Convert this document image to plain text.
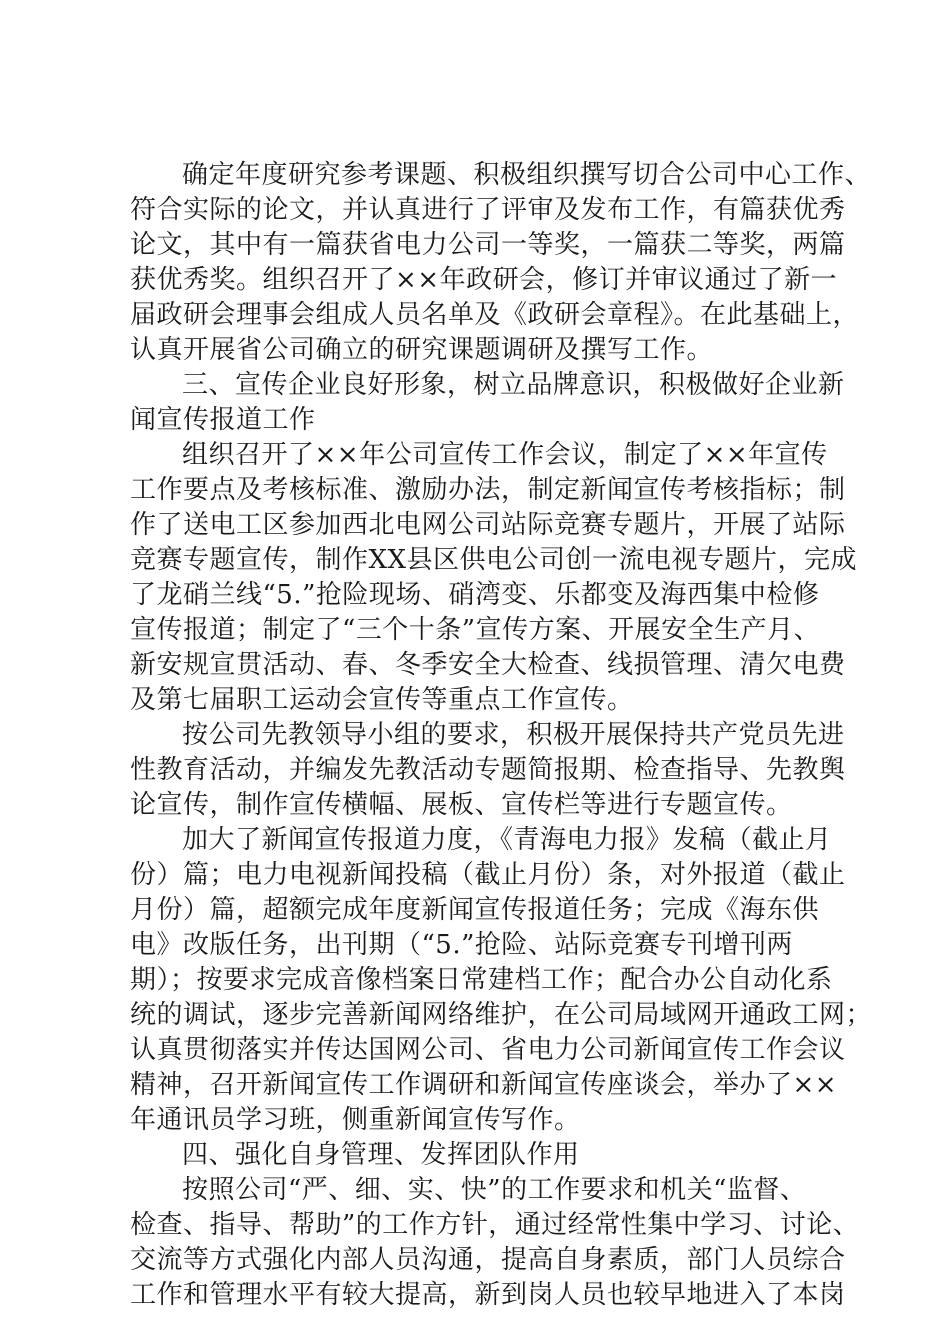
确定年度研究参考课题、积极组织撰写切合公司中心工作、
符合实际的论文，并认真进行了评审及发布工作，有篇获优秀
论文，其中有一篇获省电力公司一等奖，一篇获二等奖，两篇
获优秀奖。组织召开了××年政研会，修订并审议通过了新一
届政研会理事会组成人员名单及《政研会章程》。在此基础上，
认真开展省公司确立的研究课题调研及撰写工作。
三、宣传企业良好形象，树立品牌意识，积极做好企业新
闻宣传报道工作
组织召开了××年公司宣传工作会议，制定了××年宣传
工作要点及考核标准、激励办法，制定新闻宣传考核指标；制
作了送电工区参加西北电网公司站际竞赛专题片，开展了站际
竞赛专题宣传，制作XX县区供电公司创一流电视专题片，完成
了龙硝兰线“5.”抢险现场、硝湾变、乐都变及海西集中检修
宣传报道；制定了“三个十条”宣传方案、开展安全生产月、
新安规宣贯活动、春、冬季安全大检查、线损管理、清欠电费
及第七届职工运动会宣传等重点工作宣传。
按公司先教领导小组的要求，积极开展保持共产党员先进
性教育活动，并编发先教活动专题简报期、检查指导、先教舆
论宣传，制作宣传横幅、展板、宣传栏等进行专题宣传。
加大了新闻宣传报道力度，《青海电力报》发稿（截止月
份）篇；电力电视新闻投稿（截止月份）条，对外报道（截止
月份）篇，超额完成年度新闻宣传报道任务；完成《海东供
电》改版任务，出刊期（“5.”抢险、站际竞赛专刊增刊两
期）；按要求完成音像档案日常建档工作；配合办公自动化系
统的调试，逐步完善新闻网络维护，在公司局域网开通政工网；
认真贯彻落实并传达国网公司、省电力公司新闻宣传工作会议
精神，召开新闻宣传工作调研和新闻宣传座谈会，举办了××
年通讯员学习班，侧重新闻宣传写作。
四、强化自身管理、发挥团队作用
按照公司“严、细、实、快”的工作要求和机关“监督、
检查、指导、帮助”的工作方针，通过经常性集中学习、讨论、
交流等方式强化内部人员沟通，提高自身素质，部门人员综合
工作和管理水平有较大提高，新到岗人员也较早地进入了本岗
